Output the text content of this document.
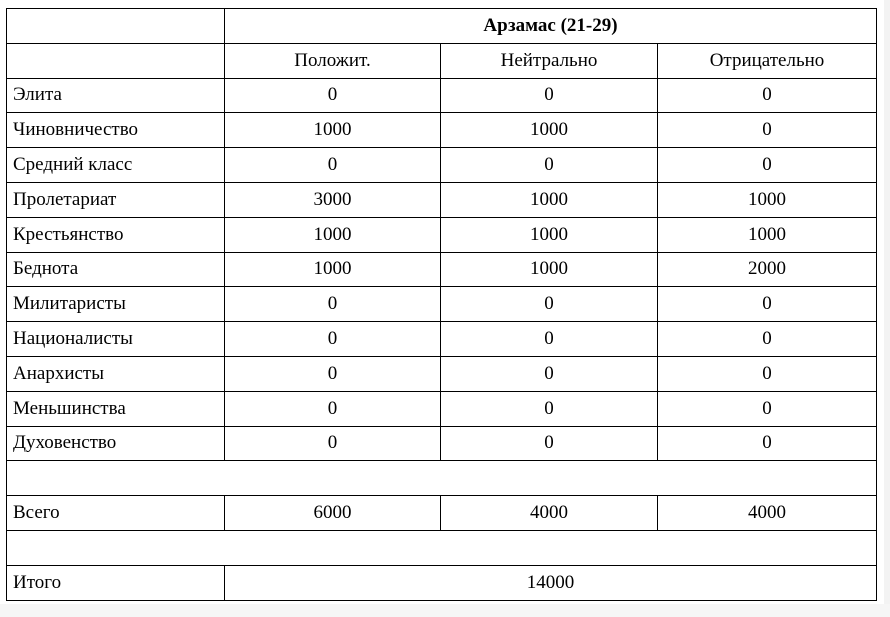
	Арзамас (21-29)		
	Положит.	Нейтрально	Отрицательно
Элита	0	0	0
Чиновничество	1000	1000	0
Средний класс	0	0	0
Пролетариат	3000	1000	1000
Крестьянство	1000	1000	1000
Беднота	1000	1000	2000
Милитаристы	0	0	0
Националисты	0	0	0
Анархисты	0	0	0
Меньшинства	0	0	0
Духовенство	0	0	0

Всего	6000	4000	4000

Итого	14000		
